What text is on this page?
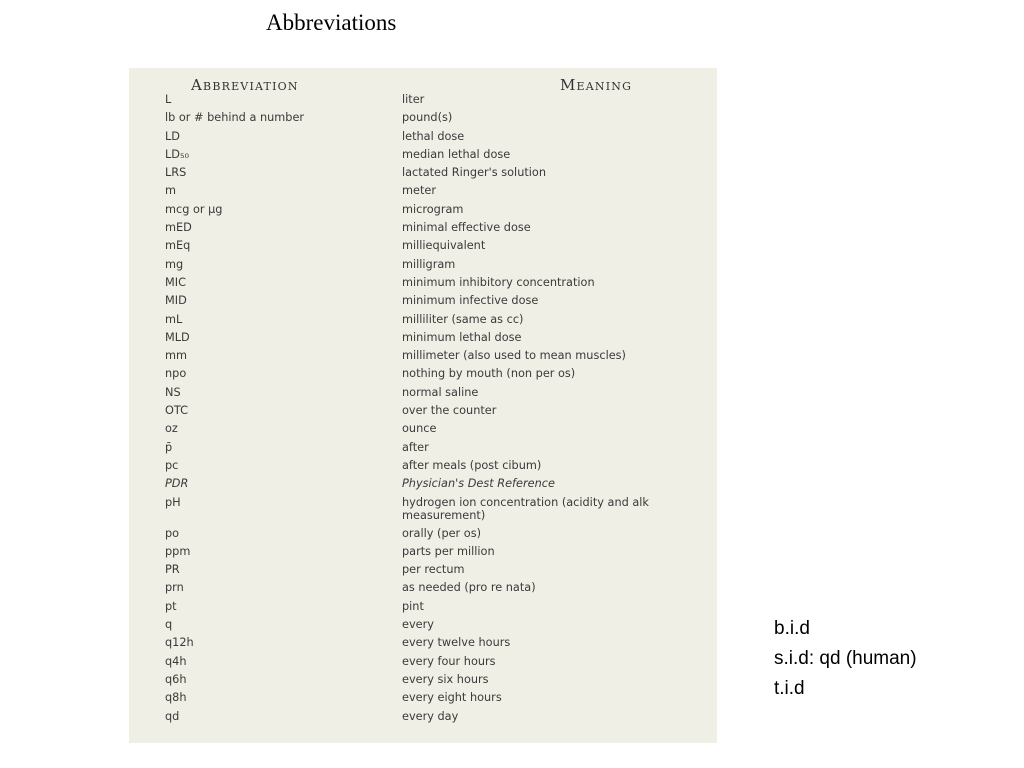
Abbreviations
Abbreviation	Meaning
L	liter
lb or # behind a number	pound(s)
LD	lethal dose
LD₅₀	median lethal dose
LRS	lactated Ringer's solution
m	meter
mcg or μg	microgram
mED	minimal effective dose
mEq	milliequivalent
mg	milligram
MIC	minimum inhibitory concentration
MID	minimum infective dose
mL	milliliter (same as cc)
MLD	minimum lethal dose
mm	millimeter (also used to mean muscles)
npo	nothing by mouth (non per os)
NS	normal saline
OTC	over the counter
oz	ounce
p̄	after
pc	after meals (post cibum)
PDR	Physician's Dest Reference
pH	hydrogen ion concentration (acidity and alk measurement)
po	orally (per os)
ppm	parts per million
PR	per rectum
prn	as needed (pro re nata)
pt	pint
q	every
q12h	every twelve hours
q4h	every four hours
q6h	every six hours
q8h	every eight hours
qd	every day
b.i.d
s.i.d: qd (human)
t.i.d
